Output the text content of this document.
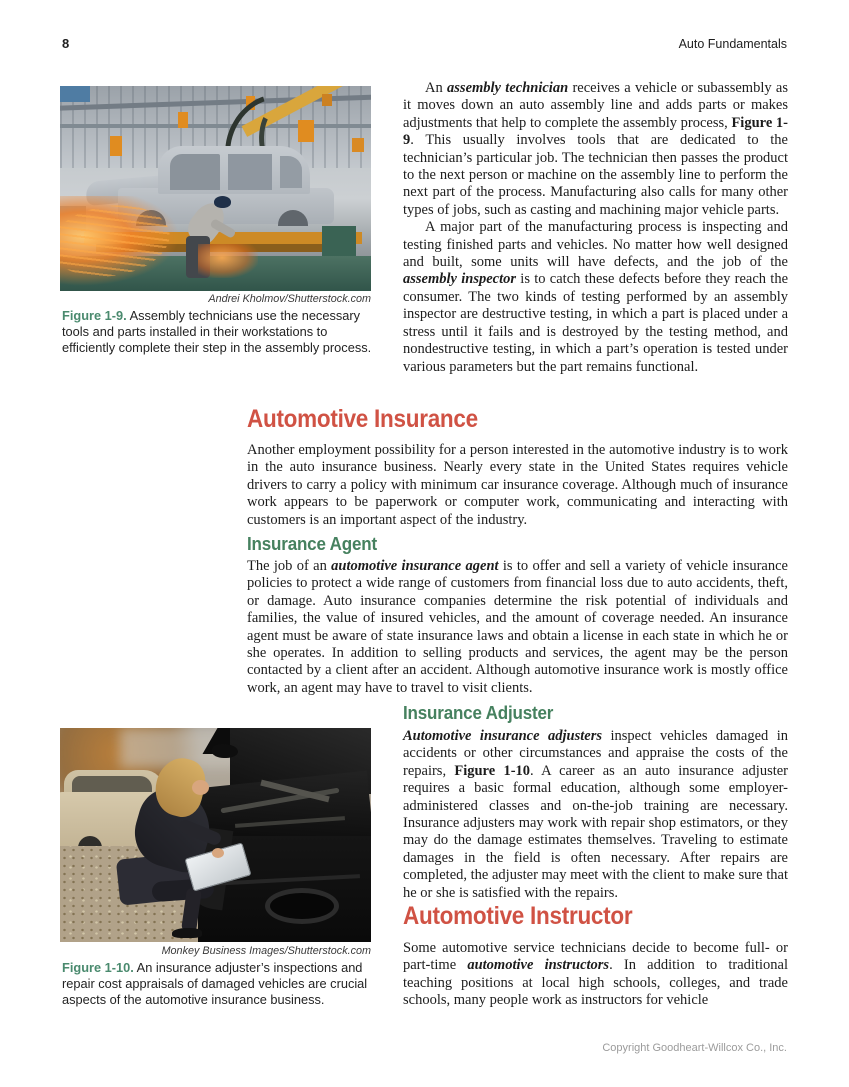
8	Auto Fundamentals
Andrei Kholmov/Shutterstock.com
Figure 1-9. Assembly technicians use the necessary tools and parts installed in their workstations to efficiently complete their step in the assembly process.

An assembly technician receives a vehicle or subassembly as it moves down an auto assembly line and adds parts or makes adjustments that help to complete the assembly process, Figure 1-9. This usually involves tools that are dedicated to the technician’s particular job. The technician then passes the product to the next person or machine on the assembly line to perform the next part of the process. Manufacturing also calls for many other types of jobs, such as casting and machining major vehicle parts.

A major part of the manufacturing process is inspecting and testing finished parts and vehicles. No matter how well designed and built, some units will have defects, and the job of the assembly inspector is to catch these defects before they reach the consumer. The two kinds of testing performed by an assembly inspector are destructive testing, in which a part is placed under a stress until it fails and is destroyed by the testing method, and nondestructive testing, in which a part’s operation is tested under various parameters but the part remains functional.

Automotive Insurance

Another employment possibility for a person interested in the automotive industry is to work in the auto insurance business. Nearly every state in the United States requires vehicle drivers to carry a policy with minimum car insurance coverage. Although much of insurance work appears to be paperwork or computer work, communicating and interacting with customers is an important aspect of the industry.

Insurance Agent

The job of an automotive insurance agent is to offer and sell a variety of vehicle insurance policies to protect a wide range of customers from financial loss due to auto accidents, theft, or damage. Auto insurance companies determine the risk potential of individuals and families, the value of insured vehicles, and the amount of coverage needed. An insurance agent must be aware of state insurance laws and obtain a license in each state in which he or she operates. In addition to selling products and services, the agent may be the person contacted by a client after an accident. Although automotive insurance work is mostly office work, an agent may have to travel to visit clients.

Insurance Adjuster

Automotive insurance adjusters inspect vehicles damaged in accidents or other circumstances and appraise the costs of the repairs, Figure 1-10. A career as an auto insurance adjuster requires a basic formal education, although some employer-administered classes and on-the-job training are necessary. Insurance adjusters may work with repair shop estimators, or they may do the damage estimates themselves. Traveling to estimate damages in the field is often necessary. After repairs are completed, the adjuster may meet with the client to make sure that he or she is satisfied with the repairs.

Monkey Business Images/Shutterstock.com
Figure 1-10. An insurance adjuster’s inspections and repair cost appraisals of damaged vehicles are crucial aspects of the automotive insurance business.
Automotive Instructor

Some automotive service technicians decide to become full- or part-time automotive instructors. In addition to traditional teaching positions at local high schools, colleges, and trade schools, many people work as instructors for vehicle

Copyright Goodheart-Willcox Co., Inc.
